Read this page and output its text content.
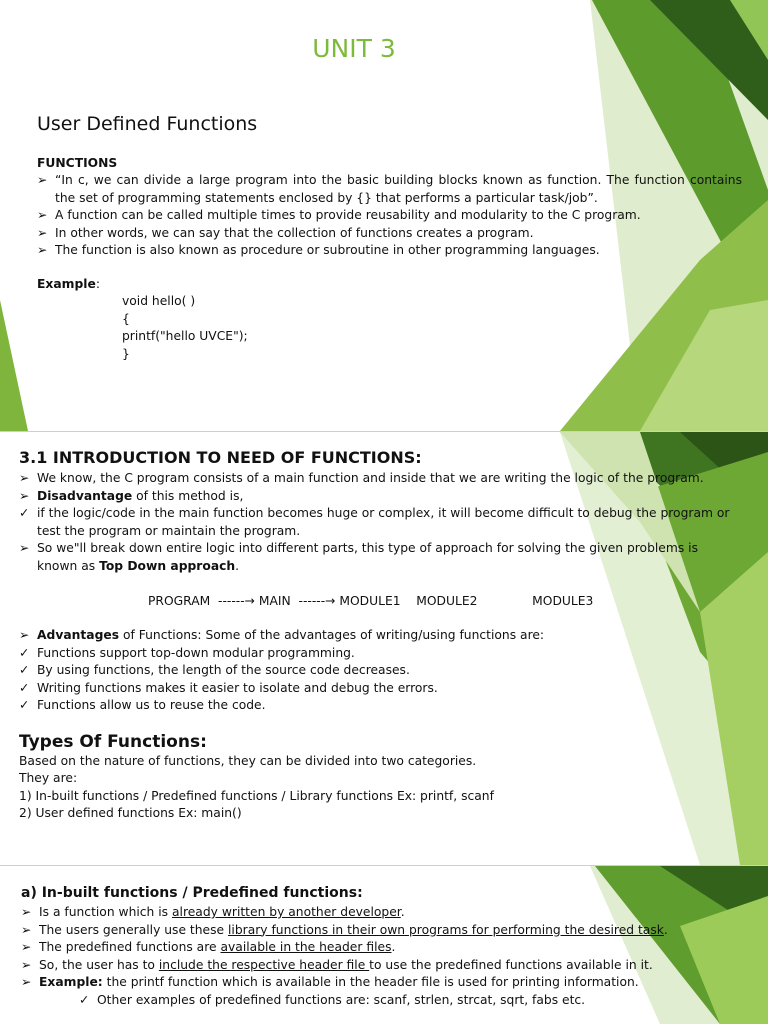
UNIT 3
User Defined Functions
FUNCTIONS
➢ “In c, we can divide a large program into the basic building blocks known as function. The function contains the set of programming statements enclosed by {} that performs a particular task/job”.
➢ A function can be called multiple times to provide reusability and modularity to the C program.
➢ In other words, we can say that the collection of functions creates a program.
➢ The function is also known as procedure or subroutine in other programming languages.
Example:
void hello( )
{
printf("hello UVCE");
}
3.1 INTRODUCTION TO NEED OF FUNCTIONS:
➢ We know, the C program consists of a main function and inside that we are writing the logic of the program.
➢ Disadvantage of this method is,
✓ if the logic/code in the main function becomes huge or complex, it will become difficult to debug the program or test the program or maintain the program.
➢ So we"ll break down entire logic into different parts, this type of approach for solving the given problems is known as Top Down approach.
PROGRAM  ------→ MAIN  ------→ MODULE1    MODULE2              MODULE3
➢ Advantages of Functions: Some of the advantages of writing/using functions are:
✓ Functions support top-down modular programming.
✓ By using functions, the length of the source code decreases.
✓ Writing functions makes it easier to isolate and debug the errors.
✓ Functions allow us to reuse the code.
Types Of Functions:
Based on the nature of functions, they can be divided into two categories.
They are:
1) In-built functions / Predefined functions / Library functions Ex: printf, scanf
2) User defined functions Ex: main()
a) In-built functions / Predefined functions:
➢ Is a function which is already written by another developer.
➢ The users generally use these library functions in their own programs for performing the desired task.
➢ The predefined functions are available in the header files.
➢ So, the user has to include the respective header file to use the predefined functions available in it.
➢ Example: the printf function which is available in the header file is used for printing information.
✓ Other examples of predefined functions are: scanf, strlen, strcat, sqrt, fabs etc.
